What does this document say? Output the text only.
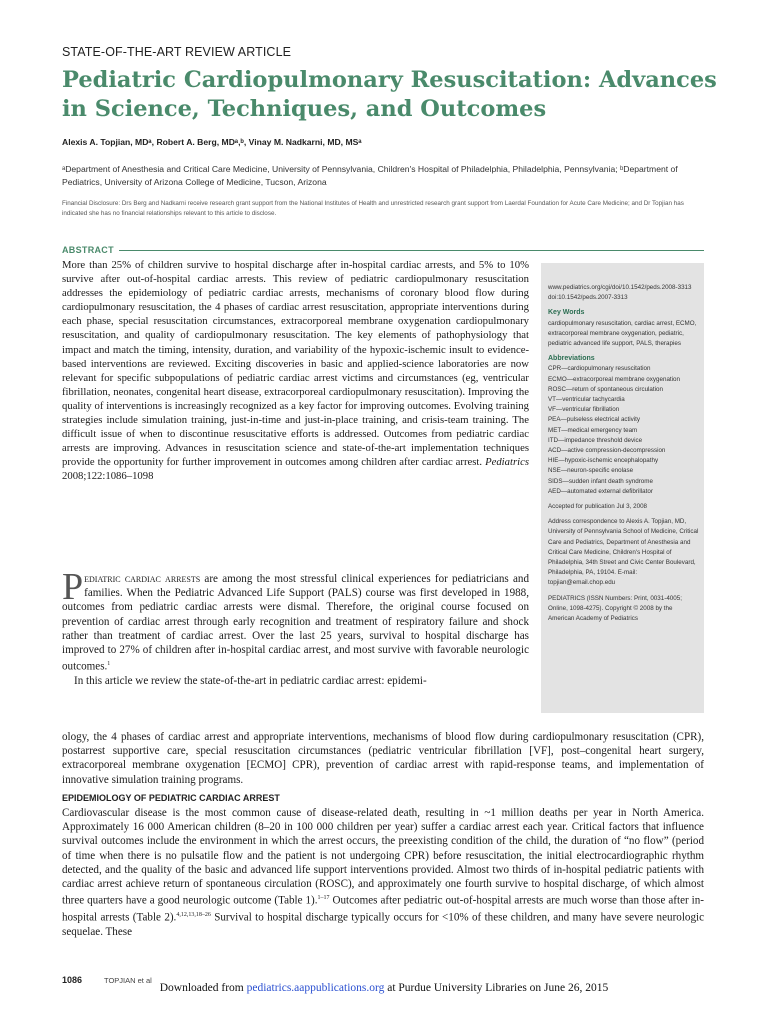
STATE-OF-THE-ART REVIEW ARTICLE
Pediatric Cardiopulmonary Resuscitation: Advances in Science, Techniques, and Outcomes
Alexis A. Topjian, MDᵃ, Robert A. Berg, MDᵃ,ᵇ, Vinay M. Nadkarni, MD, MSᵃ
ᵃDepartment of Anesthesia and Critical Care Medicine, University of Pennsylvania, Children's Hospital of Philadelphia, Philadelphia, Pennsylvania; ᵇDepartment of Pediatrics, University of Arizona College of Medicine, Tucson, Arizona
Financial Disclosure: Drs Berg and Nadkarni receive research grant support from the National Institutes of Health and unrestricted research grant support from Laerdal Foundation for Acute Care Medicine; and Dr Topjian has indicated she has no financial relationships relevant to this article to disclose.
ABSTRACT
More than 25% of children survive to hospital discharge after in-hospital cardiac arrests, and 5% to 10% survive after out-of-hospital cardiac arrests. This review of pediatric cardiopulmonary resuscitation addresses the epidemiology of pediatric cardiac arrests, mechanisms of coronary blood flow during cardiopulmonary resuscitation, the 4 phases of cardiac arrest resuscitation, appropriate interventions during each phase, special resuscitation circumstances, extracorporeal membrane oxygenation cardiopulmonary resuscitation, and quality of cardiopulmonary resuscitation. The key elements of pathophysiology that impact and match the timing, intensity, duration, and variability of the hypoxic-ischemic insult to evidence-based interventions are reviewed. Exciting discoveries in basic and applied-science laboratories are now relevant for specific subpopulations of pediatric cardiac arrest victims and circumstances (eg, ventricular fibrillation, neonates, congenital heart disease, extracorporeal cardiopulmonary resuscitation). Improving the quality of interventions is increasingly recognized as a key factor for improving outcomes. Evolving training strategies include simulation training, just-in-time and just-in-place training, and crisis-team training. The difficult issue of when to discontinue resuscitative efforts is addressed. Outcomes from pediatric cardiac arrests are improving. Advances in resuscitation science and state-of-the-art implementation techniques provide the opportunity for further improvement in outcomes among children after cardiac arrest. Pediatrics 2008;122:1086–1098

www.pediatrics.org/cgi/doi/10.1542/peds.2008-3313

doi:10.1542/peds.2007-3313

Key Words

cardiopulmonary resuscitation, cardiac arrest, ECMO, extracorporeal membrane oxygenation, pediatric, pediatric advanced life support, PALS, therapies

Abbreviations

CPR—cardiopulmonary resuscitation

ECMO—extracorporeal membrane oxygenation

ROSC—return of spontaneous circulation

VT—ventricular tachycardia

VF—ventricular fibrillation

PEA—pulseless electrical activity

MET—medical emergency team

ITD—impedance threshold device

ACD—active compression-decompression

HIE—hypoxic-ischemic encephalopathy

NSE—neuron-specific enolase

SIDS—sudden infant death syndrome

AED—automated external defibrillator

Accepted for publication Jul 3, 2008

Address correspondence to Alexis A. Topjian, MD, University of Pennsylvania School of Medicine, Critical Care and Pediatrics, Department of Anesthesia and Critical Care Medicine, Children's Hospital of Philadelphia, 34th Street and Civic Center Boulevard, Philadelphia, PA, 19104. E-mail: topjian@email.chop.edu

PEDIATRICS (ISSN Numbers: Print, 0031-4005; Online, 1098-4275). Copyright © 2008 by the American Academy of Pediatrics

Pediatric cardiac arrests are among the most stressful clinical experiences for pediatricians and families. When the Pediatric Advanced Life Support (PALS) course was first developed in 1988, outcomes from pediatric cardiac arrests were dismal. Therefore, the original course focused on prevention of cardiac arrest through early recognition and treatment of respiratory failure and shock rather than treatment of cardiac arrest. Over the last 25 years, survival to hospital discharge has improved to 27% of children after in-hospital cardiac arrest, and most survive with favorable neurologic outcomes.$^1$

In this article we review the state-of-the-art in pediatric cardiac arrest: epidemi-

ology, the 4 phases of cardiac arrest and appropriate interventions, mechanisms of blood flow during cardiopulmonary resuscitation (CPR), postarrest supportive care, special resuscitation circumstances (pediatric ventricular fibrillation [VF], post–congenital heart surgery, extracorporeal membrane oxygenation [ECMO] CPR), prevention of cardiac arrest with rapid-response teams, and implementation of innovative simulation training programs.
EPIDEMIOLOGY OF PEDIATRIC CARDIAC ARREST
Cardiovascular disease is the most common cause of disease-related death, resulting in ~1 million deaths per year in North America. Approximately 16 000 American children (8–20 in 100 000 children per year) suffer a cardiac arrest each year. Critical factors that influence survival outcomes include the environment in which the arrest occurs, the preexisting condition of the child, the duration of “no flow” (period of time when there is no pulsatile flow and the patient is not undergoing CPR) before resuscitation, the initial electrocardiographic rhythm detected, and the quality of the basic and advanced life support interventions provided. Almost two thirds of in-hospital pediatric patients with cardiac arrest achieve return of spontaneous circulation (ROSC), and approximately one fourth survive to hospital discharge, of which almost three quarters have a good neurologic outcome (Table 1).$^{1-17}$ Outcomes after pediatric out-of-hospital arrests are much worse than those after in-hospital arrests (Table 2).$^{4,12,13,18-26}$ Survival to hospital discharge typically occurs for <10% of these children, and many have severe neurologic sequelae. These
1086	TOPJIAN et al
Downloaded from pediatrics.aappublications.org at Purdue University Libraries on June 26, 2015
